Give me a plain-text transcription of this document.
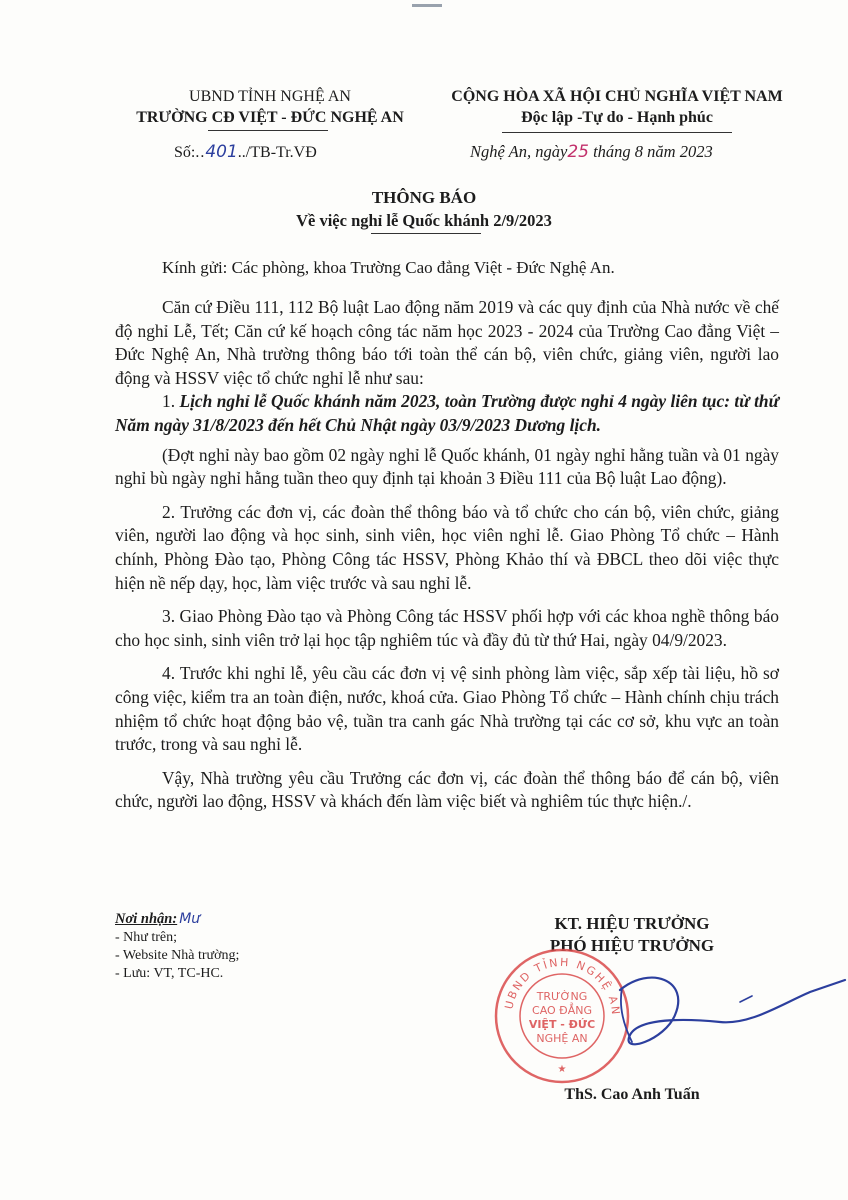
UBND TỈNH NGHỆ AN
TRƯỜNG CĐ VIỆT - ĐỨC NGHỆ AN
CỘNG HÒA XÃ HỘI CHỦ NGHĨA VIỆT NAM
Độc lập -Tự do - Hạnh phúc
Số:..401../TB-Tr.VĐ	Nghệ An, ngày25 tháng 8 năm 2023
THÔNG BÁO
Về việc nghỉ lễ Quốc khánh 2/9/2023
Kính gửi: Các phòng, khoa Trường Cao đẳng Việt - Đức Nghệ An.

Căn cứ Điều 111, 112 Bộ luật Lao động năm 2019 và các quy định của Nhà nước về chế độ nghỉ Lễ, Tết; Căn cứ kế hoạch công tác năm học 2023 - 2024 của Trường Cao đẳng Việt – Đức Nghệ An, Nhà trường thông báo tới toàn thể cán bộ, viên chức, giảng viên, người lao động và HSSV việc tổ chức nghỉ lễ như sau:

1. Lịch nghỉ lễ Quốc khánh năm 2023, toàn Trường được nghỉ 4 ngày liên tục: từ thứ Năm ngày 31/8/2023 đến hết Chủ Nhật ngày 03/9/2023 Dương lịch.

(Đợt nghỉ này bao gồm 02 ngày nghỉ lễ Quốc khánh, 01 ngày nghỉ hằng tuần và 01 ngày nghỉ bù ngày nghỉ hằng tuần theo quy định tại khoản 3 Điều 111 của Bộ luật Lao động).

2. Trưởng các đơn vị, các đoàn thể thông báo và tổ chức cho cán bộ, viên chức, giảng viên, người lao động và học sinh, sinh viên, học viên nghỉ lễ. Giao Phòng Tổ chức – Hành chính, Phòng Đào tạo, Phòng Công tác HSSV, Phòng Khảo thí và ĐBCL theo dõi việc thực hiện nề nếp dạy, học, làm việc trước và sau nghỉ lễ.

3. Giao Phòng Đào tạo và Phòng Công tác HSSV phối hợp với các khoa nghề thông báo cho học sinh, sinh viên trở lại học tập nghiêm túc và đầy đủ từ thứ Hai, ngày 04/9/2023.

4. Trước khi nghỉ lễ, yêu cầu các đơn vị vệ sinh phòng làm việc, sắp xếp tài liệu, hồ sơ công việc, kiểm tra an toàn điện, nước, khoá cửa. Giao Phòng Tổ chức – Hành chính chịu trách nhiệm tổ chức hoạt động bảo vệ, tuần tra canh gác Nhà trường tại các cơ sở, khu vực an toàn trước, trong và sau nghỉ lễ.

Vậy, Nhà trường yêu cầu Trưởng các đơn vị, các đoàn thể thông báo để cán bộ, viên chức, người lao động, HSSV và khách đến làm việc biết và nghiêm túc thực hiện./.

Nơi nhận: Mư
- Như trên;
- Website Nhà trường;
- Lưu: VT, TC-HC.
KT. HIỆU TRƯỞNG
PHÓ HIỆU TRƯỞNG
UBND TỈNH NGHỆ AN
TRƯỜNG
CAO ĐẲNG
VIỆT - ĐỨC
NGHỆ AN
★
ThS. Cao Anh Tuấn
